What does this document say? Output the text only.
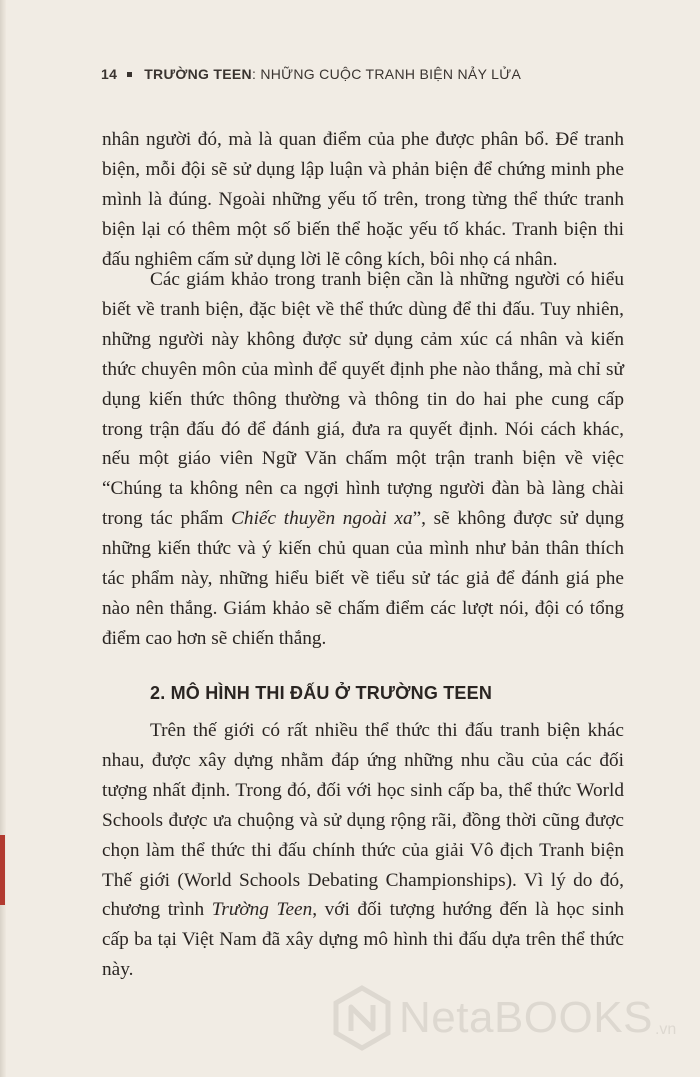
14 TRƯỜNG TEEN: NHỮNG CUỘC TRANH BIỆN NẢY LỬA

nhân người đó, mà là quan điểm của phe được phân bổ. Để tranh biện, mỗi đội sẽ sử dụng lập luận và phản biện để chứng minh phe mình là đúng. Ngoài những yếu tố trên, trong từng thể thức tranh biện lại có thêm một số biến thể hoặc yếu tố khác. Tranh biện thi đấu nghiêm cấm sử dụng lời lẽ công kích, bôi nhọ cá nhân.

Các giám khảo trong tranh biện cần là những người có hiểu biết về tranh biện, đặc biệt về thể thức dùng để thi đấu. Tuy nhiên, những người này không được sử dụng cảm xúc cá nhân và kiến thức chuyên môn của mình để quyết định phe nào thắng, mà chỉ sử dụng kiến thức thông thường và thông tin do hai phe cung cấp trong trận đấu đó để đánh giá, đưa ra quyết định. Nói cách khác, nếu một giáo viên Ngữ Văn chấm một trận tranh biện về việc “Chúng ta không nên ca ngợi hình tượng người đàn bà làng chài trong tác phẩm Chiếc thuyền ngoài xa”, sẽ không được sử dụng những kiến thức và ý kiến chủ quan của mình như bản thân thích tác phẩm này, những hiểu biết về tiểu sử tác giả để đánh giá phe nào nên thắng. Giám khảo sẽ chấm điểm các lượt nói, đội có tổng điểm cao hơn sẽ chiến thắng.

2. MÔ HÌNH THI ĐẤU Ở TRƯỜNG TEEN

Trên thế giới có rất nhiều thể thức thi đấu tranh biện khác nhau, được xây dựng nhằm đáp ứng những nhu cầu của các đối tượng nhất định. Trong đó, đối với học sinh cấp ba, thể thức World Schools được ưa chuộng và sử dụng rộng rãi, đồng thời cũng được chọn làm thể thức thi đấu chính thức của giải Vô địch Tranh biện Thế giới (World Schools Debating Championships). Vì lý do đó, chương trình Trường Teen, với đối tượng hướng đến là học sinh cấp ba tại Việt Nam đã xây dựng mô hình thi đấu dựa trên thể thức này.

NetaBOOKS .vn
